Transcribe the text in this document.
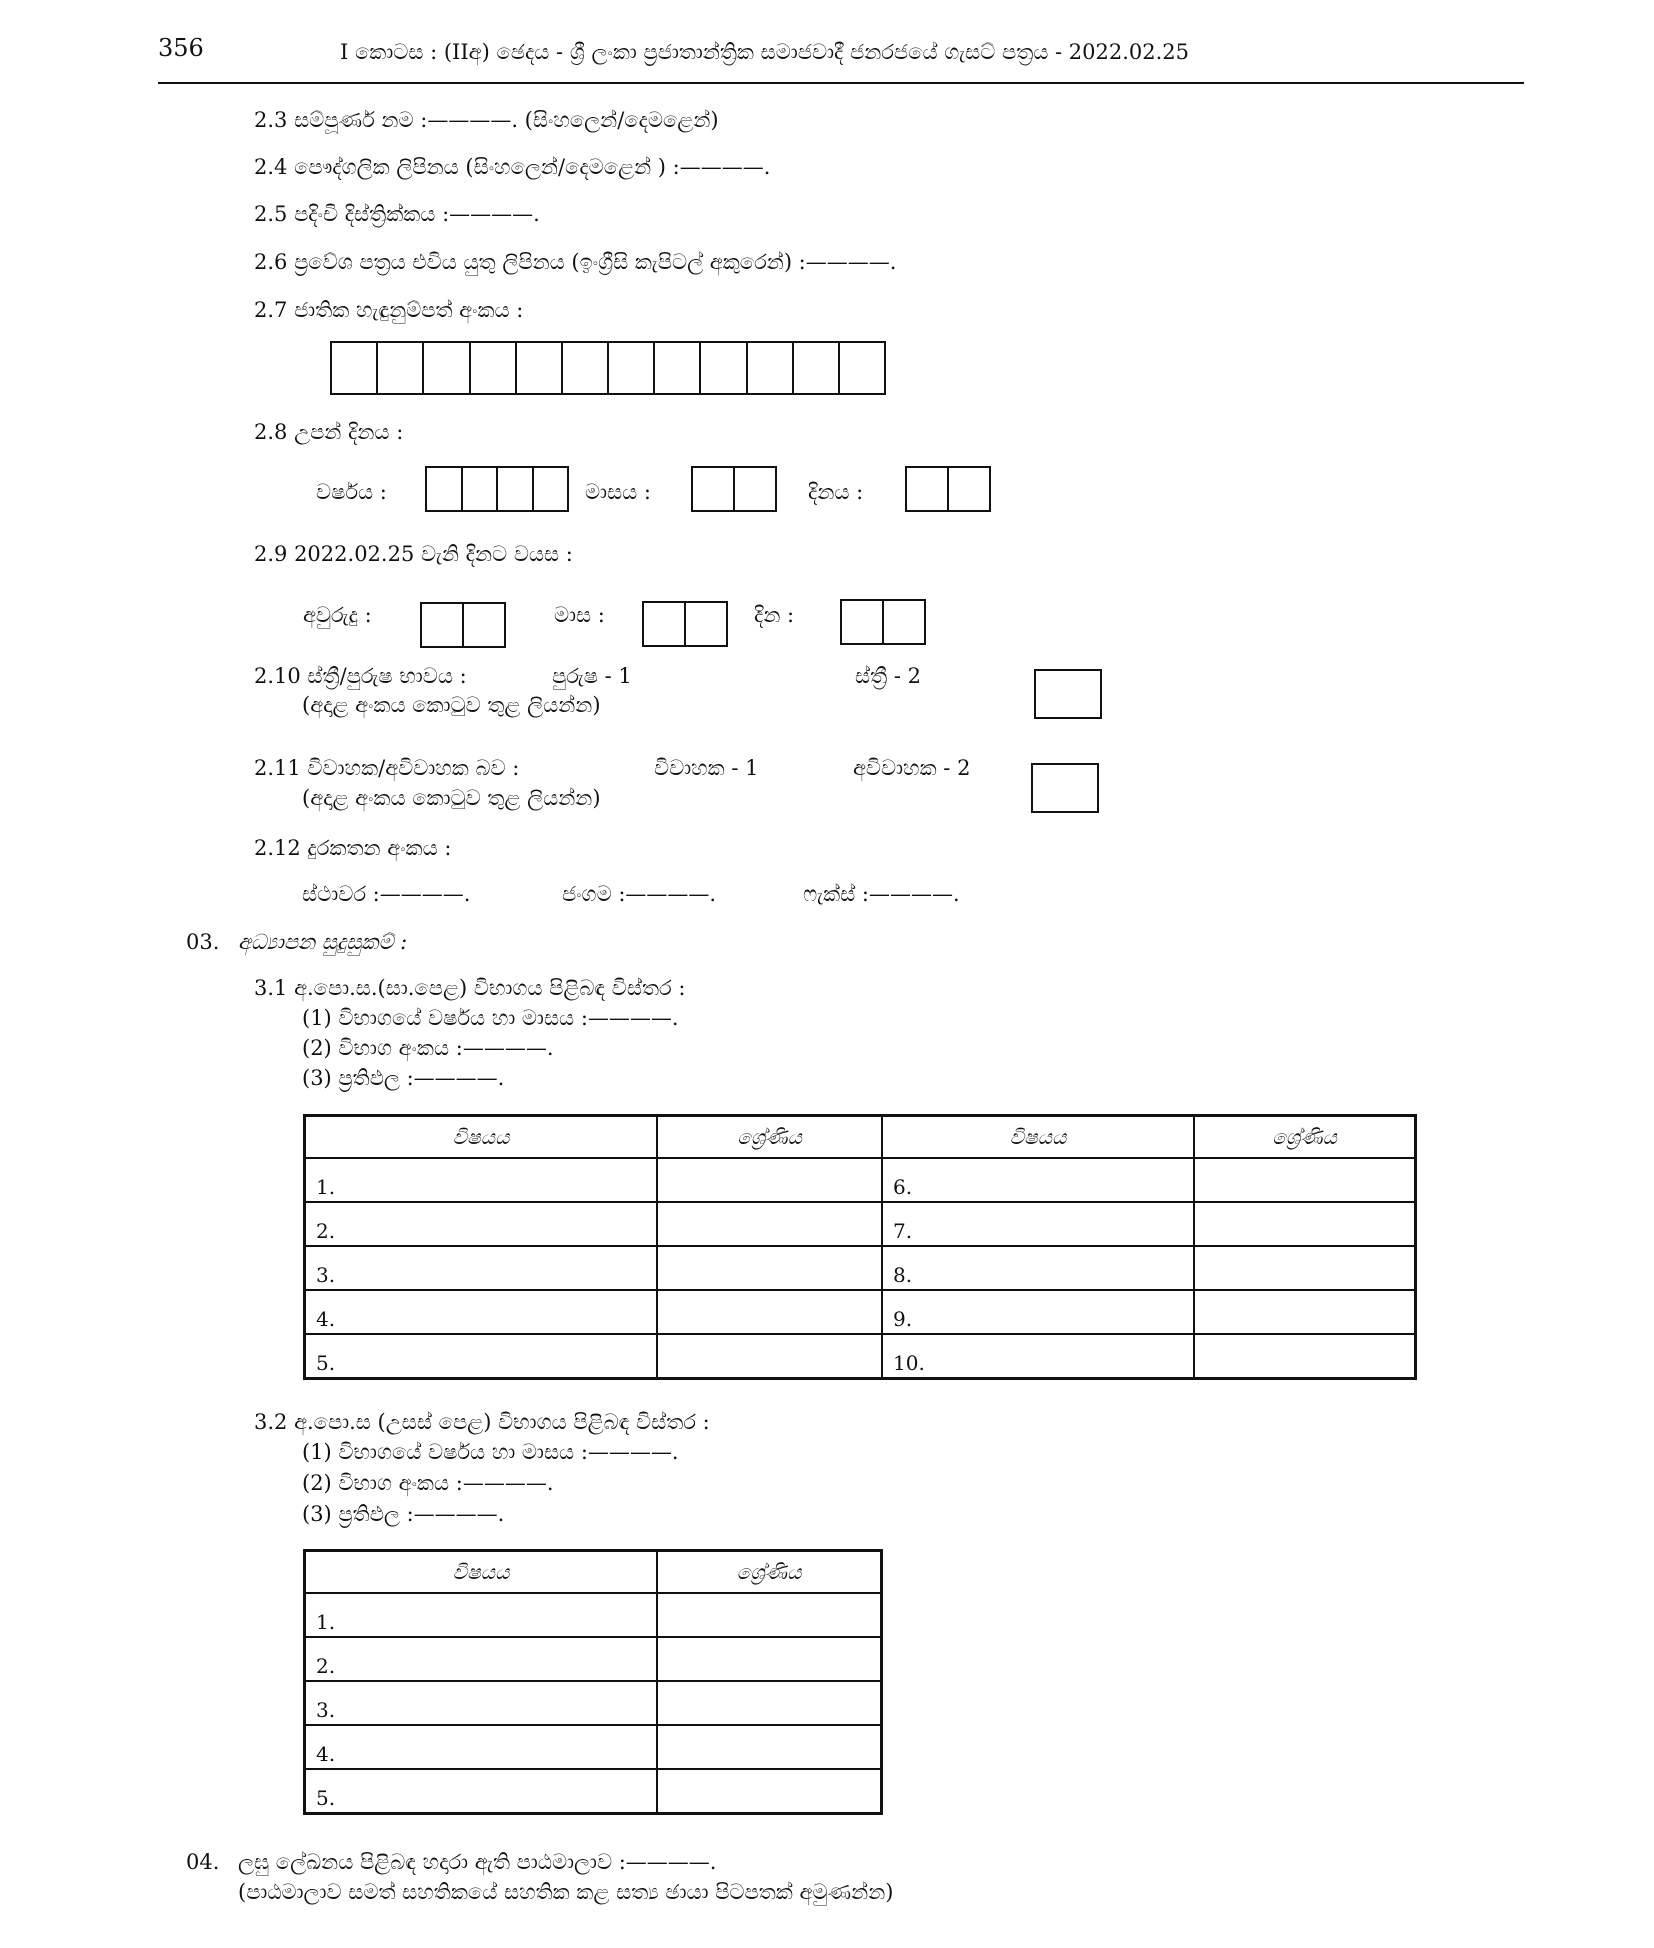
356	I කොටස : (IIඅ) ඡෙදය - ශ්‍රී ලංකා ප්‍රජාතාන්ත්‍රික සමාජවාදී ජනරජයේ ගැසට් පත්‍රය - 2022.02.25
2.3 සම්පූර්ණ නම :————. (සිංහලෙන්/දෙමළෙන්)
2.4 පෞද්ගලික ලිපිනය (සිංහලෙන්/දෙමළෙන් ) :————.
2.5 පදිංචි දිස්ත්‍රික්කය :————.
2.6 ප්‍රවේශ පත්‍රය එවිය යුතු ලිපිනය (ඉංග්‍රීසි කැපිටල් අකුරෙන්) :————.
2.7 ජාතික හැඳුනුම්පත් අංකය :
2.8 උපන් දිනය :
වර්ෂය :	මාසය :	දිනය :
2.9 2022.02.25 වැනි දිනට වයස :
අවුරුදු :	මාස :	දින :
2.10 ස්ත්‍රී/පුරුෂ භාවය :	පුරුෂ - 1	ස්ත්‍රී - 2
(අදාළ අංකය කොටුව තුළ ලියන්න)
2.11 විවාහක/අවිවාහක බව :	විවාහක - 1	අවිවාහක - 2
(අදාළ අංකය කොටුව තුළ ලියන්න)
2.12 දුරකතන අංකය :
ස්ථාවර :————.	ජංගම :————.	ෆැක්ස් :————.
03. අධ්‍යාපන සුදුසුකම් :
3.1 අ.පො.ස.(සා.පෙළ) විභාගය පිළිබඳ විස්තර :
(1) විභාගයේ වර්ෂය හා මාසය :————.
(2) විභාග අංකය :————.
(3) ප්‍රතිඵල :————.
විෂයය	ශ්‍රේණිය	විෂයය	ශ්‍රේණිය
1.		6.	
2.		7.	
3.		8.	
4.		9.	
5.		10.	
3.2 අ.පො.ස (උසස් පෙළ) විභාගය පිළිබඳ විස්තර :
(1) විභාගයේ වර්ෂය හා මාසය :————.
(2) විභාග අංකය :————.
(3) ප්‍රතිඵල :————.
විෂයය	ශ්‍රේණිය
1.	
2.	
3.	
4.	
5.	
04. ලඝු ලේඛනය පිළිබඳ හදාරා ඇති පාඨමාලාව :————.
(පාඨමාලාව සමත් සහතිකයේ සහතික කළ සත්‍ය ඡායා පිටපතක් අමුණන්න)
